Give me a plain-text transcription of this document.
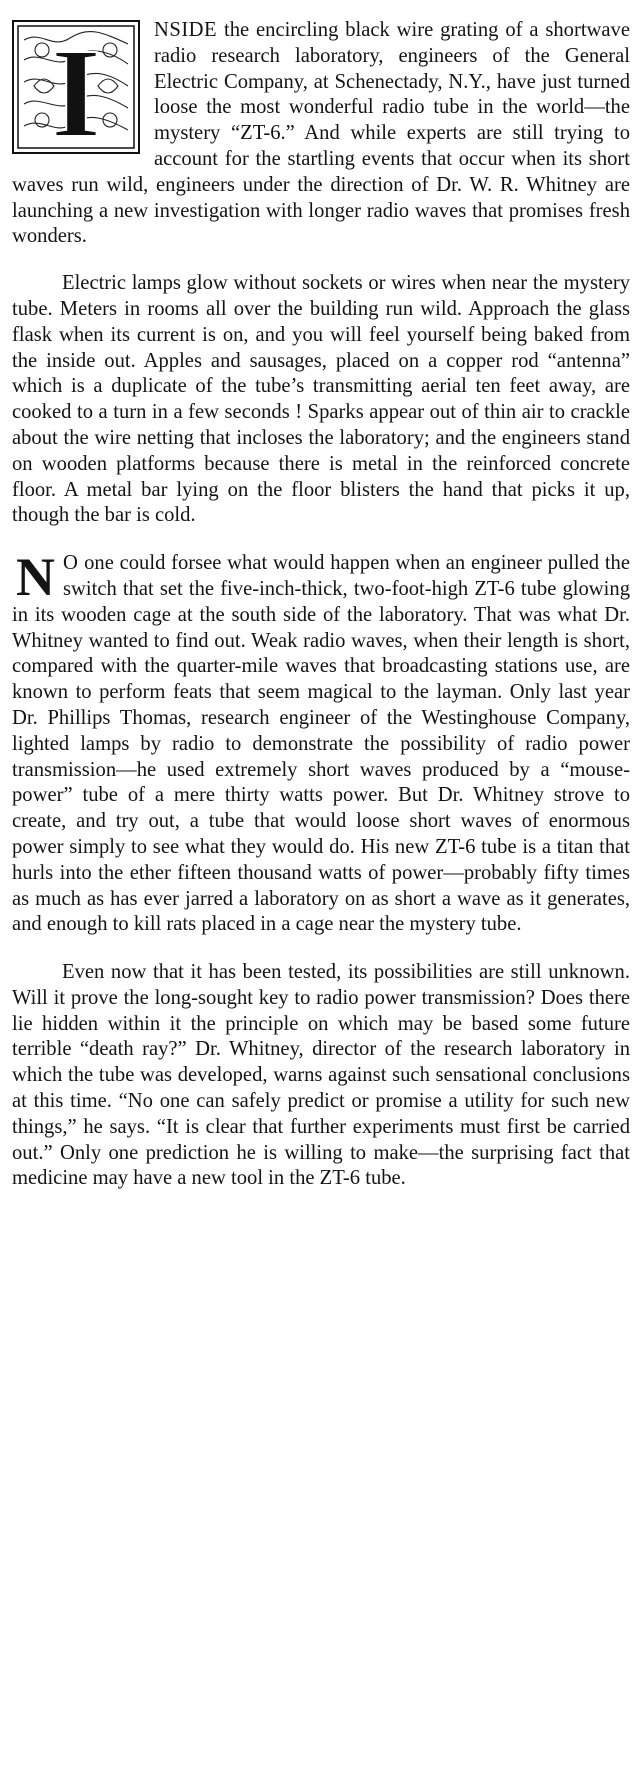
I	NSIDE the encircling black wire grating of a shortwave radio research laboratory, engineers of the General Electric Company, at Schenectady, N.Y., have just turned loose the most wonderful radio tube in the world—the mystery “ZT-6.” And while experts are still trying to account for the startling events that occur when its short waves run wild, engineers under the direction of Dr. W. R. Whitney are launching a new investigation with longer radio waves that promises fresh wonders.

Electric lamps glow without sockets or wires when near the mystery tube. Meters in rooms all over the building run wild. Approach the glass flask when its current is on, and you will feel yourself being baked from the inside out. Apples and sausages, placed on a copper rod “antenna” which is a duplicate of the tube’s transmitting aerial ten feet away, are cooked to a turn in a few seconds ! Sparks appear out of thin air to crackle about the wire netting that incloses the laboratory; and the engineers stand on wooden platforms because there is metal in the reinforced concrete floor. A metal bar lying on the floor blisters the hand that picks it up, though the bar is cold.

N O one could forsee what would happen when an engineer pulled the switch that set the five-inch-thick, two-foot-high ZT-6 tube glowing in its wooden cage at the south side of the laboratory. That was what Dr. Whitney wanted to find out. Weak radio waves, when their length is short, compared with the quarter-mile waves that broadcasting stations use, are known to perform feats that seem magical to the layman. Only last year Dr. Phillips Thomas, research engineer of the Westinghouse Company, lighted lamps by radio to demonstrate the possibility of radio power transmission—he used extremely short waves produced by a “mouse-power” tube of a mere thirty watts power. But Dr. Whitney strove to create, and try out, a tube that would loose short waves of enormous power simply to see what they would do. His new ZT-6 tube is a titan that hurls into the ether fifteen thousand watts of power—probably fifty times as much as has ever jarred a laboratory on as short a wave as it generates, and enough to kill rats placed in a cage near the mystery tube.

Even now that it has been tested, its possibilities are still unknown. Will it prove the long-sought key to radio power transmission? Does there lie hidden within it the principle on which may be based some future terrible “death ray?” Dr. Whitney, director of the research laboratory in which the tube was developed, warns against such sensational conclusions at this time. “No one can safely predict or promise a utility for such new things,” he says. “It is clear that further experiments must first be carried out.” Only one prediction he is willing to make—the surprising fact that medicine may have a new tool in the ZT-6 tube.
